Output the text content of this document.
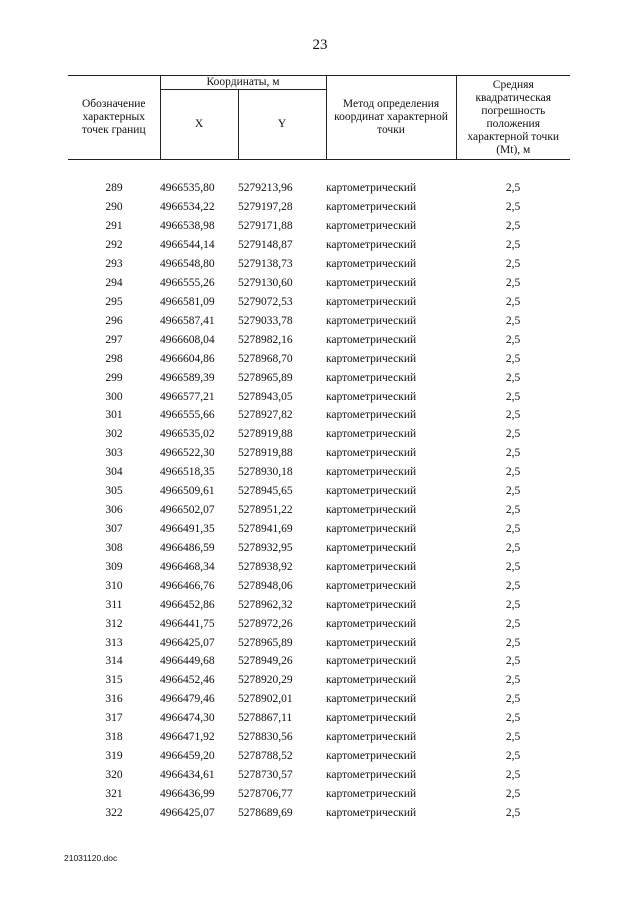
23
Обозначение характерных точек границ	Координаты, м		Метод определения координат характерной точки	Средняя квадратическая погрешность положения характерной точки (Mt), м
	X	Y		

289	4966535,80	5279213,96	картометрический	2,5
290	4966534,22	5279197,28	картометрический	2,5
291	4966538,98	5279171,88	картометрический	2,5
292	4966544,14	5279148,87	картометрический	2,5
293	4966548,80	5279138,73	картометрический	2,5
294	4966555,26	5279130,60	картометрический	2,5
295	4966581,09	5279072,53	картометрический	2,5
296	4966587,41	5279033,78	картометрический	2,5
297	4966608,04	5278982,16	картометрический	2,5
298	4966604,86	5278968,70	картометрический	2,5
299	4966589,39	5278965,89	картометрический	2,5
300	4966577,21	5278943,05	картометрический	2,5
301	4966555,66	5278927,82	картометрический	2,5
302	4966535,02	5278919,88	картометрический	2,5
303	4966522,30	5278919,88	картометрический	2,5
304	4966518,35	5278930,18	картометрический	2,5
305	4966509,61	5278945,65	картометрический	2,5
306	4966502,07	5278951,22	картометрический	2,5
307	4966491,35	5278941,69	картометрический	2,5
308	4966486,59	5278932,95	картометрический	2,5
309	4966468,34	5278938,92	картометрический	2,5
310	4966466,76	5278948,06	картометрический	2,5
311	4966452,86	5278962,32	картометрический	2,5
312	4966441,75	5278972,26	картометрический	2,5
313	4966425,07	5278965,89	картометрический	2,5
314	4966449,68	5278949,26	картометрический	2,5
315	4966452,46	5278920,29	картометрический	2,5
316	4966479,46	5278902,01	картометрический	2,5
317	4966474,30	5278867,11	картометрический	2,5
318	4966471,92	5278830,56	картометрический	2,5
319	4966459,20	5278788,52	картометрический	2,5
320	4966434,61	5278730,57	картометрический	2,5
321	4966436,99	5278706,77	картометрический	2,5
322	4966425,07	5278689,69	картометрический	2,5
21031120.doc
